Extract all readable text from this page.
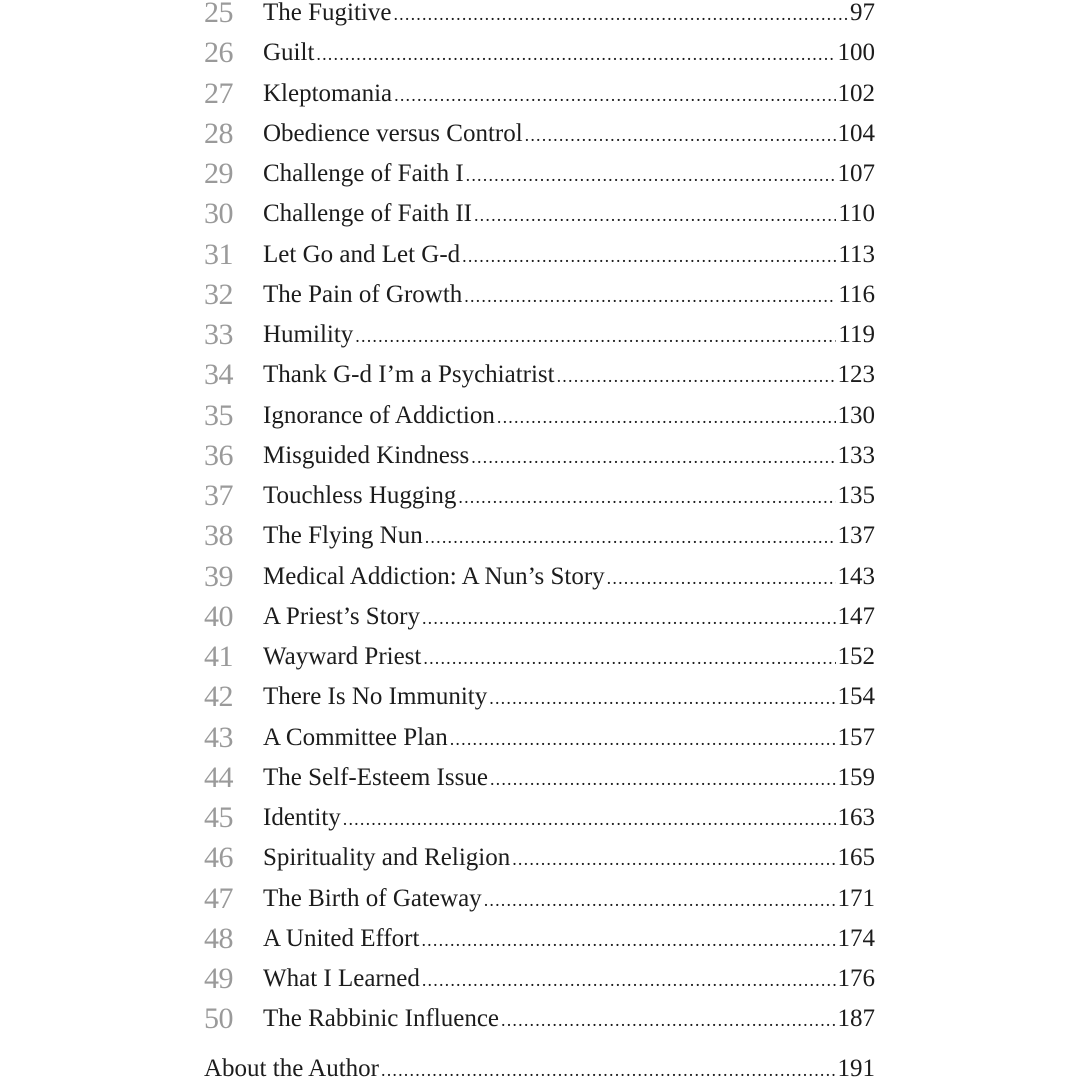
25	The Fugitive .....	97
26	Guilt .....	100
27	Kleptomania .....	102
28	Obedience versus Control .....	104
29	Challenge of Faith I .....	107
30	Challenge of Faith II .....	110
31	Let Go and Let G-d .....	113
32	The Pain of Growth .....	116
33	Humility .....	119
34	Thank G-d I’m a Psychiatrist .....	123
35	Ignorance of Addiction .....	130
36	Misguided Kindness .....	133
37	Touchless Hugging .....	135
38	The Flying Nun .....	137
39	Medical Addiction: A Nun’s Story .....	143
40	A Priest’s Story .....	147
41	Wayward Priest .....	152
42	There Is No Immunity .....	154
43	A Committee Plan .....	157
44	The Self-Esteem Issue .....	159
45	Identity .....	163
46	Spirituality and Religion .....	165
47	The Birth of Gateway .....	171
48	A United Effort .....	174
49	What I Learned .....	176
50	The Rabbinic Influence .....	187
About the Author .....	191
